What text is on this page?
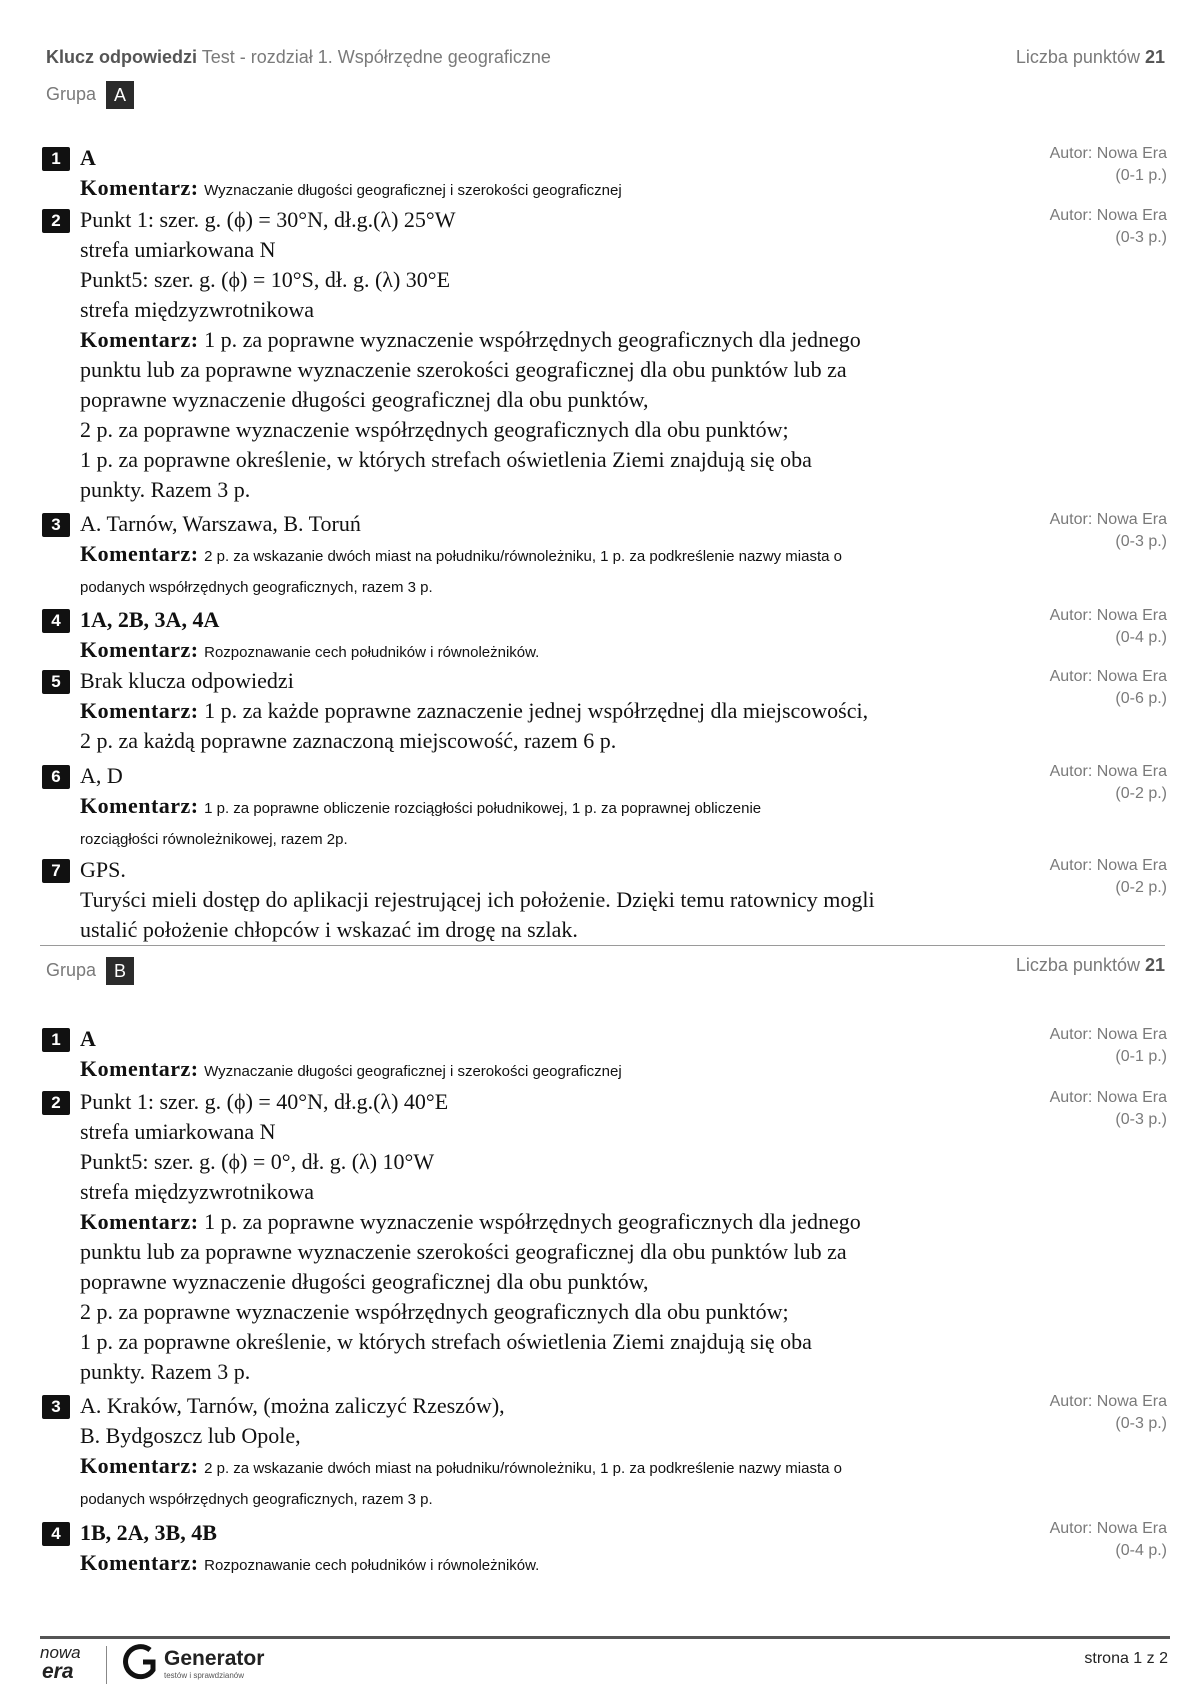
Klucz odpowiedzi Test - rozdział 1. Współrzędne geograficzne	Liczba punktów 21
Grupa A
1 A
Komentarz: Wyznaczanie długości geograficznej i szerokości geograficznej
Autor: Nowa Era
(0-1 p.)
2 Punkt 1: szer. g. (ϕ) = 30°N, dł.g.(λ) 25°W
strefa umiarkowana N
Punkt5: szer. g. (ϕ) = 10°S, dł. g. (λ) 30°E
strefa międzyzwrotnikowa
Komentarz: 1 p. za poprawne wyznaczenie współrzędnych geograficznych dla jednego
punktu lub za poprawne wyznaczenie szerokości geograficznej dla obu punktów lub za
poprawne wyznaczenie długości geograficznej dla obu punktów,
2 p. za poprawne wyznaczenie współrzędnych geograficznych dla obu punktów;
1 p. za poprawne określenie, w których strefach oświetlenia Ziemi znajdują się oba
punkty. Razem 3 p.
Autor: Nowa Era
(0-3 p.)
3 A. Tarnów, Warszawa, B. Toruń
Komentarz: 2 p. za wskazanie dwóch miast na południku/równoleżniku, 1 p. za podkreślenie nazwy miasta o
podanych współrzędnych geograficznych, razem 3 p.
Autor: Nowa Era
(0-3 p.)
4 1A, 2B, 3A, 4A
Komentarz: Rozpoznawanie cech południków i równoleżników.
Autor: Nowa Era
(0-4 p.)
5 Brak klucza odpowiedzi
Komentarz: 1 p. za każde poprawne zaznaczenie jednej współrzędnej dla miejscowości,
2 p. za każdą poprawne zaznaczoną miejscowość, razem 6 p.
Autor: Nowa Era
(0-6 p.)
6 A, D
Komentarz: 1 p. za poprawne obliczenie rozciągłości południkowej, 1 p. za poprawnej obliczenie
rozciągłości równoleżnikowej, razem 2p.
Autor: Nowa Era
(0-2 p.)
7 GPS.
Turyści mieli dostęp do aplikacji rejestrującej ich położenie. Dzięki temu ratownicy mogli
ustalić położenie chłopców i wskazać im drogę na szlak.
Autor: Nowa Era
(0-2 p.)
Grupa B	Liczba punktów 21
1 A
Komentarz: Wyznaczanie długości geograficznej i szerokości geograficznej
Autor: Nowa Era
(0-1 p.)
2 Punkt 1: szer. g. (ϕ) = 40°N, dł.g.(λ) 40°E
strefa umiarkowana N
Punkt5: szer. g. (ϕ) = 0°, dł. g. (λ) 10°W
strefa międzyzwrotnikowa
Komentarz: 1 p. za poprawne wyznaczenie współrzędnych geograficznych dla jednego
punktu lub za poprawne wyznaczenie szerokości geograficznej dla obu punktów lub za
poprawne wyznaczenie długości geograficznej dla obu punktów,
2 p. za poprawne wyznaczenie współrzędnych geograficznych dla obu punktów;
1 p. za poprawne określenie, w których strefach oświetlenia Ziemi znajdują się oba
punkty. Razem 3 p.
Autor: Nowa Era
(0-3 p.)
3 A. Kraków, Tarnów, (można zaliczyć Rzeszów),
B. Bydgoszcz lub Opole,
Komentarz: 2 p. za wskazanie dwóch miast na południku/równoleżniku, 1 p. za podkreślenie nazwy miasta o
podanych współrzędnych geograficznych, razem 3 p.
Autor: Nowa Era
(0-3 p.)
4 1B, 2A, 3B, 4B
Komentarz: Rozpoznawanie cech południków i równoleżników.
Autor: Nowa Era
(0-4 p.)
nowa
era
Generator
testów i sprawdzianów
strona 1 z 2
